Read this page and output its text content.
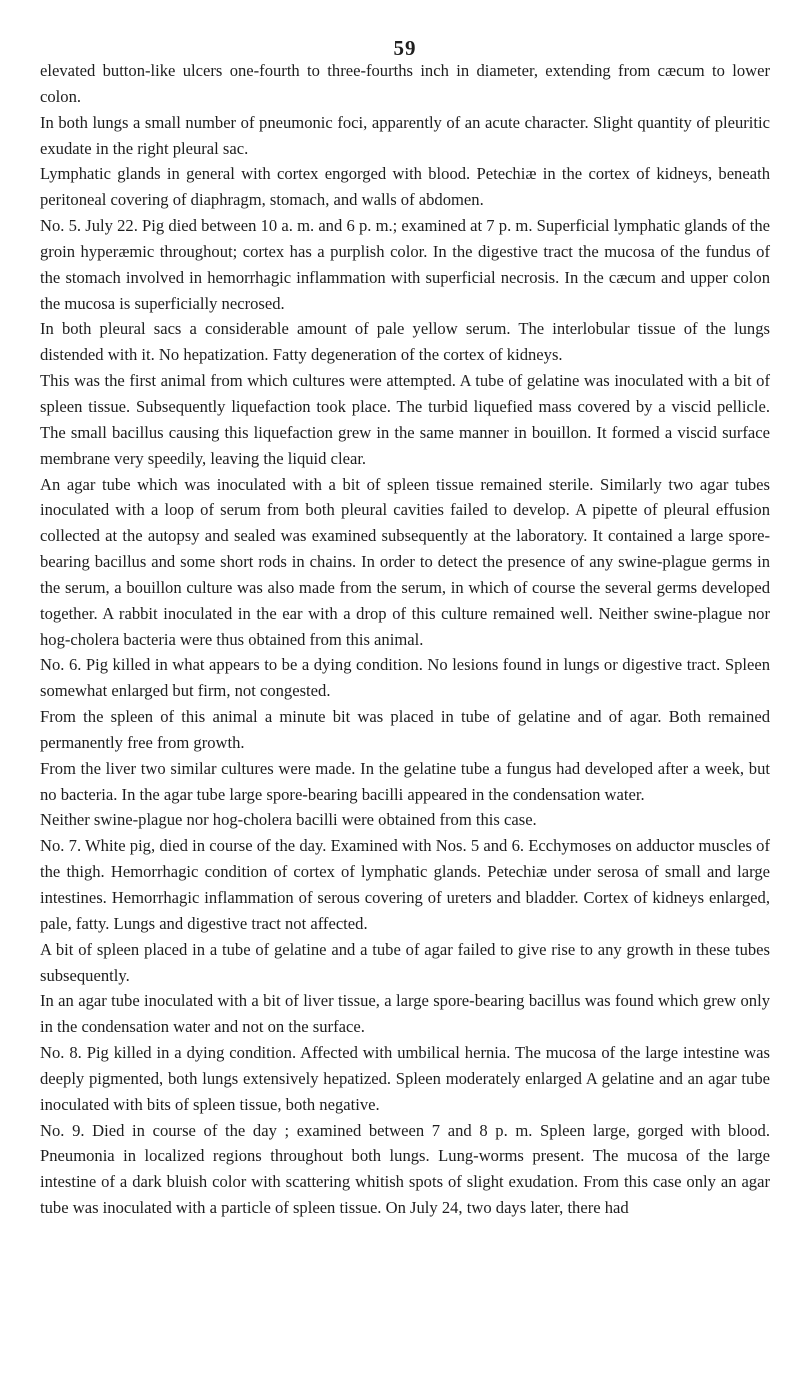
59

elevated button-like ulcers one-fourth to three-fourths inch in diameter, extending from cæcum to lower colon.

In both lungs a small number of pneumonic foci, apparently of an acute character. Slight quantity of pleuritic exudate in the right pleural sac.

Lymphatic glands in general with cortex engorged with blood. Petechiæ in the cortex of kidneys, beneath peritoneal covering of diaphragm, stomach, and walls of abdomen.

No. 5. July 22. Pig died between 10 a. m. and 6 p. m.; examined at 7 p. m. Superficial lymphatic glands of the groin hyperæmic throughout; cortex has a purplish color. In the digestive tract the mucosa of the fundus of the stomach involved in hemorrhagic inflammation with superficial necrosis. In the cæcum and upper colon the mucosa is superficially necrosed.

In both pleural sacs a considerable amount of pale yellow serum. The interlobular tissue of the lungs distended with it. No hepatization. Fatty degeneration of the cortex of kidneys.

This was the first animal from which cultures were attempted. A tube of gelatine was inoculated with a bit of spleen tissue. Subsequently liquefaction took place. The turbid liquefied mass covered by a viscid pellicle. The small bacillus causing this liquefaction grew in the same manner in bouillon. It formed a viscid surface membrane very speedily, leaving the liquid clear.

An agar tube which was inoculated with a bit of spleen tissue remained sterile. Similarly two agar tubes inoculated with a loop of serum from both pleural cavities failed to develop. A pipette of pleural effusion collected at the autopsy and sealed was examined subsequently at the laboratory. It contained a large spore-bearing bacillus and some short rods in chains. In order to detect the presence of any swine-plague germs in the serum, a bouillon culture was also made from the serum, in which of course the several germs developed together. A rabbit inoculated in the ear with a drop of this culture remained well. Neither swine-plague nor hog-cholera bacteria were thus obtained from this animal.

No. 6. Pig killed in what appears to be a dying condition. No lesions found in lungs or digestive tract. Spleen somewhat enlarged but firm, not congested.

From the spleen of this animal a minute bit was placed in tube of gelatine and of agar. Both remained permanently free from growth.

From the liver two similar cultures were made. In the gelatine tube a fungus had developed after a week, but no bacteria. In the agar tube large spore-bearing bacilli appeared in the condensation water.

Neither swine-plague nor hog-cholera bacilli were obtained from this case.

No. 7. White pig, died in course of the day. Examined with Nos. 5 and 6. Ecchymoses on adductor muscles of the thigh. Hemorrhagic condition of cortex of lymphatic glands. Petechiæ under serosa of small and large intestines. Hemorrhagic inflammation of serous covering of ureters and bladder. Cortex of kidneys enlarged, pale, fatty. Lungs and digestive tract not affected.

A bit of spleen placed in a tube of gelatine and a tube of agar failed to give rise to any growth in these tubes subsequently.

In an agar tube inoculated with a bit of liver tissue, a large spore-bearing bacillus was found which grew only in the condensation water and not on the surface.

No. 8. Pig killed in a dying condition. Affected with umbilical hernia. The mucosa of the large intestine was deeply pigmented, both lungs extensively hepatized. Spleen moderately enlarged A gelatine and an agar tube inoculated with bits of spleen tissue, both negative.

No. 9. Died in course of the day ; examined between 7 and 8 p. m. Spleen large, gorged with blood. Pneumonia in localized regions throughout both lungs. Lung-worms present. The mucosa of the large intestine of a dark bluish color with scattering whitish spots of slight exudation. From this case only an agar tube was inoculated with a particle of spleen tissue. On July 24, two days later, there had
